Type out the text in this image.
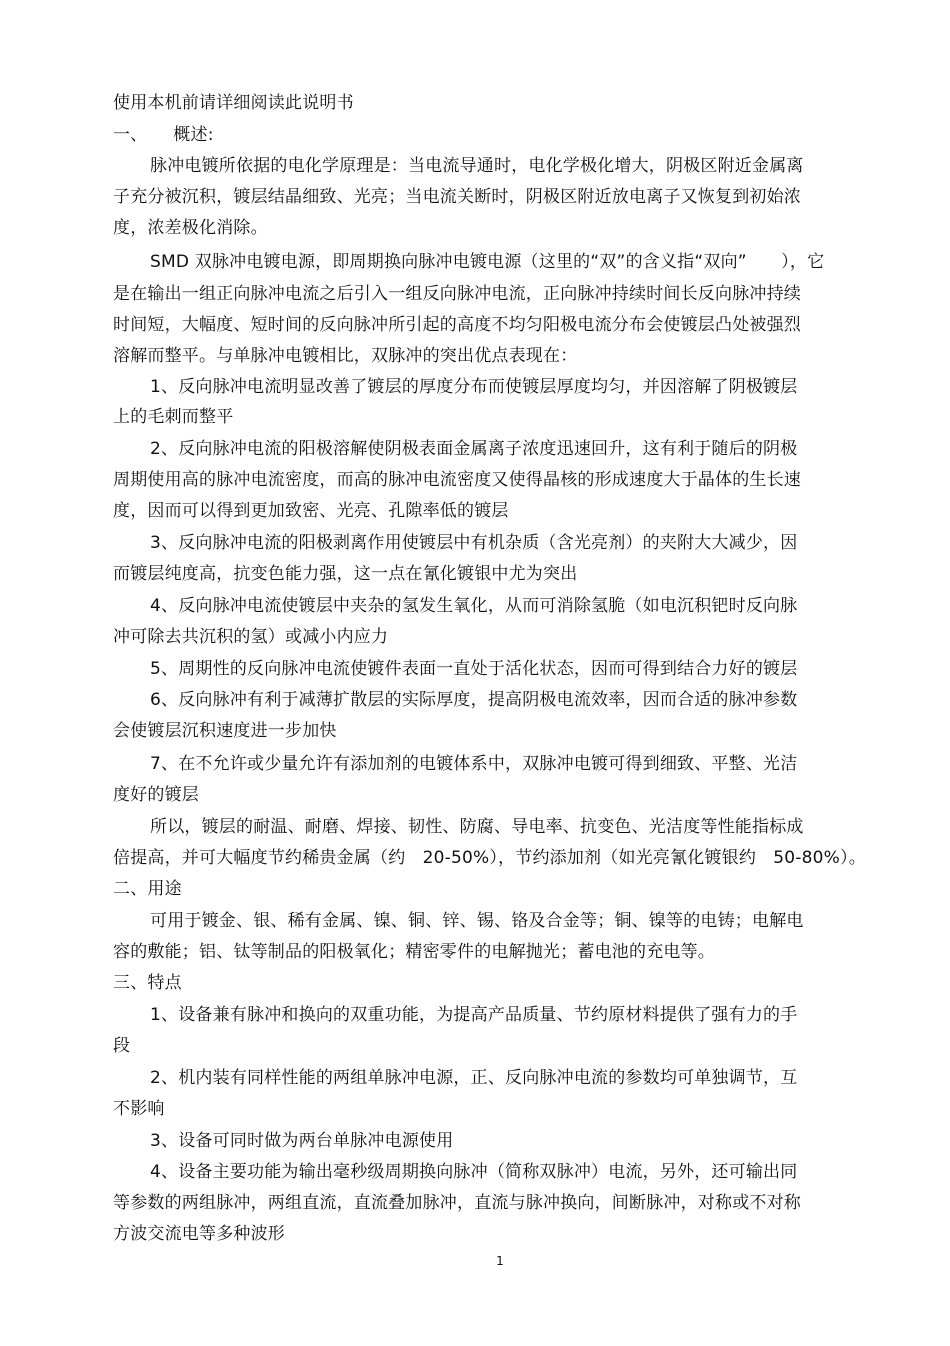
使用本机前请详细阅读此说明书
一、　　概述:
脉冲电镀所依据的电化学原理是：当电流导通时，电化学极化增大，阴极区附近金属离
子充分被沉积，镀层结晶细致、光亮；当电流关断时，阴极区附近放电离子又恢复到初始浓
度，浓差极化消除。
SMD 双脉冲电镀电源，即周期换向脉冲电镀电源（这里的“双”的含义指“双向”　　），它
是在输出一组正向脉冲电流之后引入一组反向脉冲电流，正向脉冲持续时间长反向脉冲持续
时间短，大幅度、短时间的反向脉冲所引起的高度不均匀阳极电流分布会使镀层凸处被强烈
溶解而整平。与单脉冲电镀相比，双脉冲的突出优点表现在：
1、反向脉冲电流明显改善了镀层的厚度分布而使镀层厚度均匀，并因溶解了阴极镀层
上的毛刺而整平
2、反向脉冲电流的阳极溶解使阴极表面金属离子浓度迅速回升，这有利于随后的阴极
周期使用高的脉冲电流密度，而高的脉冲电流密度又使得晶核的形成速度大于晶体的生长速
度，因而可以得到更加致密、光亮、孔隙率低的镀层
3、反向脉冲电流的阳极剥离作用使镀层中有机杂质（含光亮剂）的夹附大大减少，因
而镀层纯度高，抗变色能力强，这一点在氰化镀银中尤为突出
4、反向脉冲电流使镀层中夹杂的氢发生氧化，从而可消除氢脆（如电沉积钯时反向脉
冲可除去共沉积的氢）或减小内应力
5、周期性的反向脉冲电流使镀件表面一直处于活化状态，因而可得到结合力好的镀层
6、反向脉冲有利于减薄扩散层的实际厚度，提高阴极电流效率，因而合适的脉冲参数
会使镀层沉积速度进一步加快
7、在不允许或少量允许有添加剂的电镀体系中，双脉冲电镀可得到细致、平整、光洁
度好的镀层
所以，镀层的耐温、耐磨、焊接、韧性、防腐、导电率、抗变色、光洁度等性能指标成
倍提高，并可大幅度节约稀贵金属（约　20-50%），节约添加剂（如光亮氰化镀银约　50-80%）。
二、用途
可用于镀金、银、稀有金属、镍、铜、锌、锡、铬及合金等；铜、镍等的电铸；电解电
容的敷能；铝、钛等制品的阳极氧化；精密零件的电解抛光；蓄电池的充电等。
三、特点
1、设备兼有脉冲和换向的双重功能，为提高产品质量、节约原材料提供了强有力的手
段
2、机内装有同样性能的两组单脉冲电源，正、反向脉冲电流的参数均可单独调节，互
不影响
3、设备可同时做为两台单脉冲电源使用
4、设备主要功能为输出毫秒级周期换向脉冲（简称双脉冲）电流，另外，还可输出同
等参数的两组脉冲，两组直流，直流叠加脉冲，直流与脉冲换向，间断脉冲，对称或不对称
方波交流电等多种波形
1
